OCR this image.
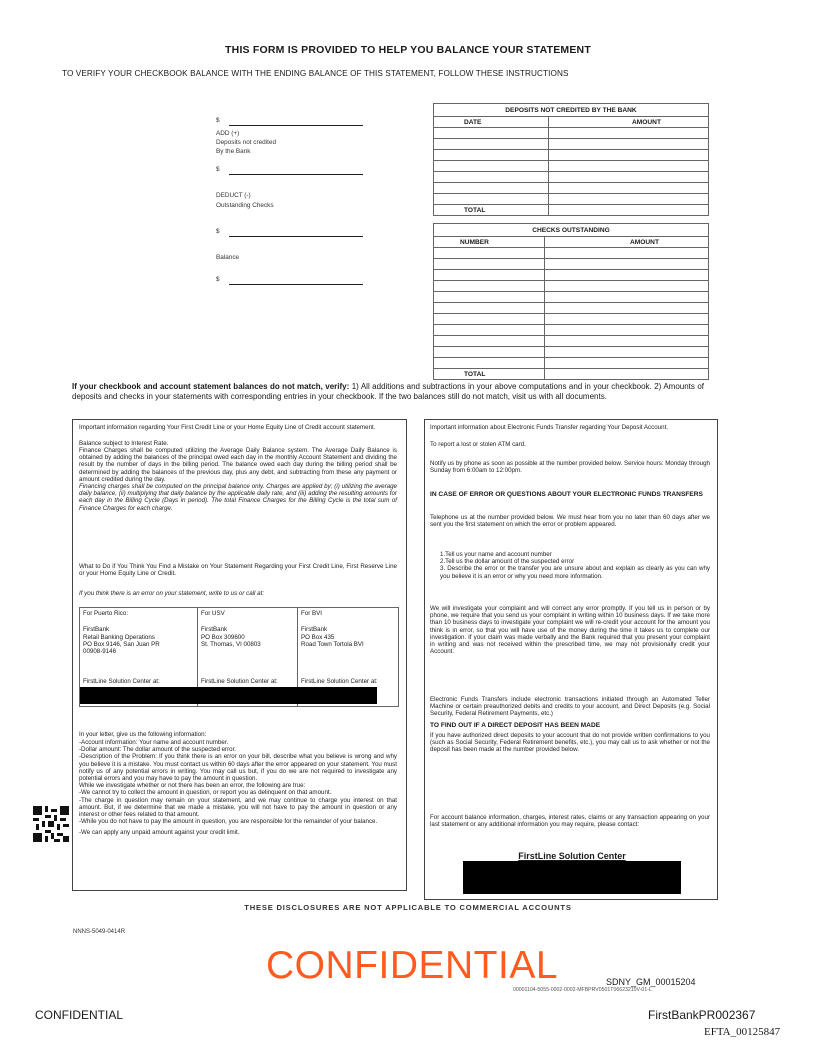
THIS FORM IS PROVIDED TO HELP YOU BALANCE YOUR STATEMENT
TO VERIFY YOUR CHECKBOOK BALANCE WITH THE ENDING BALANCE OF THIS STATEMENT, FOLLOW THESE INSTRUCTIONS
$
ADD (+)
Deposits not credited
By the Bank
$
DEDUCT (-)
Outstanding Checks
$
Balance
$
DEPOSITS NOT CREDITED BY THE BANK	
DATE	AMOUNT

TOTAL	
CHECKS OUTSTANDING	
NUMBER	AMOUNT

TOTAL	
If your checkbook and account statement balances do not match, verify: 1) All additions and subtractions in your above computations and in your checkbook. 2) Amounts of deposits and checks in your statements with corresponding entries in your checkbook. If the two balances still do not match, visit us with all documents.
Important information regarding Your First Credit Line or your Home Equity Line of Credit account statement.
Balance subject to Interest Rate.
Finance Charges shall be computed utilizing the Average Daily Balance system. The Average Daily Balance is obtained by adding the balances of the principal owed each day in the monthly Account Statement and dividing the result by the number of days in the billing period. The balance owed each day during the billing period shall be determined by adding the balances of the previous day, plus any debt, and subtracting from these any payment or amount credited during the day.
Financing charges shall be computed on the principal balance only. Charges are applied by; (i) utilizing the average daily balance, (ii) multiplying that daily balance by the applicable daily rate, and (iii) adding the resulting amounts for each day in the Billing Cycle (Days in period). The total Finance Charges for the Billing Cycle is the total sum of Finance Charges for each charge.
What to Do if You Think You Find a Mistake on Your Statement Regarding your First Credit Line, First Reserve Line or your Home Equity Line or Credit.
If you think there is an error on your statement, write to us or call at:
For Puerto Rico:
FirstBank
Retail Banking Operations
PO Box 9146, San Juan PR
00908-9146
FirstLine Solution Center at:
For USV
FirstBank
PO Box 309600
St. Thomas, VI 00803
FirstLine Solution Center at:
For BVI
FirstBank
PO Box 435
Road Town Tortola BVI
FirstLine Solution Center at:
In your letter, give us the following information:
-Account information: Your name and account number.
-Dollar amount: The dollar amount of the suspected error.
-Description of the Problem: If you think there is an error on your bill, describe what you believe is wrong and why you believe it is a mistake. You must contact us within 60 days after the error appeared on your statement. You must notify us of any potential errors in writing. You may call us but, if you do we are not required to investigate any potential errors and you may have to pay the amount in question.
While we investigate whether or not there has been an error, the following are true:
-We cannot try to collect the amount in question, or report you as delinquent on that amount.
-The charge in question may remain on your statement, and we may continue to charge you interest on that amount. But, if we determine that we made a mistake, you will not have to pay the amount in question or any interest or other fees related to that amount.
-While you do not have to pay the amount in question, you are responsible for the remainder of your balance.
-We can apply any unpaid amount against your credit limit.
Important information about Electronic Funds Transfer regarding Your Deposit Account.
To report a lost or stolen ATM card.
Notify us by phone as soon as possible at the number provided below. Service hours: Monday through Sunday from 6:00am to 12:00pm.
IN CASE OF ERROR OR QUESTIONS ABOUT YOUR ELECTRONIC FUNDS TRANSFERS
Telephone us at the number provided below. We must hear from you no later than 60 days after we sent you the first statement on which the error or problem appeared.
1.Tell us your name and account number
2.Tell us the dollar amount of the suspected error
3. Describe the error or the transfer you are unsure about and explain as clearly as you can why you believe it is an error or why you need more information.
We will investigate your complaint and will correct any error promptly. If you tell us in person or by phone, we require that you send us your complaint in writing within 10 business days. If we take more than 10 business days to investigate your complaint we will re-credit your account for the amount you think is in error, so that you will have use of the money during the time it takes us to complete our investigation. If your claim was made verbally and the Bank required that you present your complaint in writing and was not received within the prescribed time, we may not provisionally credit your Account.
Electronic Funds Transfers include electronic transactions initiated through an Automated Teller Machine or certain preauthorized debits and credits to your account, and Direct Deposits (e.g. Social Security, Federal Retirement Payments, etc.)
TO FIND OUT IF A DIRECT DEPOSIT HAS BEEN MADE
If you have authorized direct deposits to your account that do not provide written confirmations to you (such as Social Security, Federal Retirement benefits, etc.), you may call us to ask whether or not the deposit has been made at the number provided below.
For account balance information, charges, interest rates, claims or any transaction appearing on your last statement or any additional information you may require, please contact:
FirstLine Solution Center
THESE DISCLOSURES ARE NOT APPLICABLE TO COMMERCIAL ACCOUNTS
NNNS-5049-0414R
CONFIDENTIAL	SDNY_GM_00015204
00001104-5055-0002-0002-MFBPRV0501T06623210V-01-L
CONFIDENTIAL	FirstBankPR002367
EFTA_00125847
